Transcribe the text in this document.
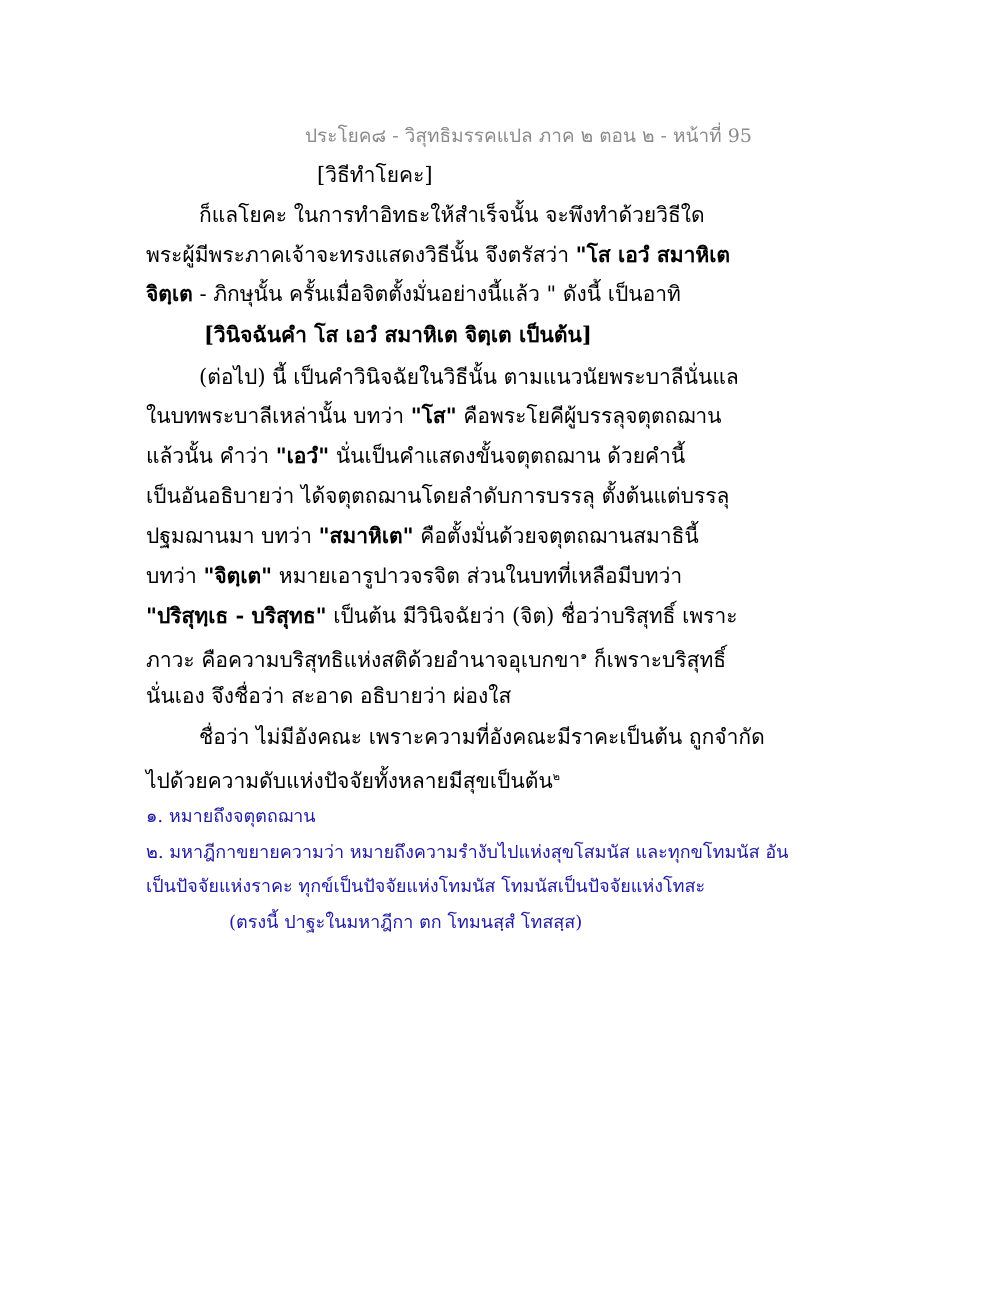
ประโยค๘ - วิสุทธิมรรคแปล ภาค ๒ ตอน ๒ - หน้าที่ 95
[วิธีทำโยคะ]
ก็แลโยคะ ในการทำอิทธะให้สำเร็จนั้น จะพึงทำด้วยวิธีใด
พระผู้มีพระภาคเจ้าจะทรงแสดงวิธีนั้น จึงตรัสว่า "โส เอวํ สมาหิเต
จิตฺเต - ภิกษุนั้น ครั้นเมื่อจิตตั้งมั่นอย่างนี้แล้ว " ดังนี้ เป็นอาทิ
[วินิจฉันคำ โส เอวํ สมาหิเต จิตฺเต เป็นต้น]
(ต่อไป) นี้ เป็นคำวินิจฉัยในวิธีนั้น ตามแนวนัยพระบาลีนั่นแล
ในบทพระบาลีเหล่านั้น บทว่า "โส" คือพระโยคีผู้บรรลุจตุตถฌาน
แล้วนั้น คำว่า "เอวํ" นั่นเป็นคำแสดงขั้นจตุตถฌาน ด้วยคำนี้
เป็นอันอธิบายว่า ได้จตุตถฌานโดยลำดับการบรรลุ ตั้งต้นแต่บรรลุ
ปฐมฌานมา บทว่า "สมาหิเต" คือตั้งมั่นด้วยจตุตถฌานสมาธินี้
บทว่า "จิตฺเต" หมายเอารูปาวจรจิต ส่วนในบทที่เหลือมีบทว่า
"ปริสุทฺเธ - บริสุทธ" เป็นต้น มีวินิจฉัยว่า (จิต) ชื่อว่าบริสุทธิ์ เพราะ
ภาวะ คือความบริสุทธิแห่งสติด้วยอำนาจอุเบกขา$^๑$ ก็เพราะบริสุทธิ์
นั่นเอง จึงชื่อว่า สะอาด อธิบายว่า ผ่องใส
ชื่อว่า ไม่มีอังคณะ เพราะความที่อังคณะมีราคะเป็นต้น ถูกจำกัด
ไปด้วยความดับแห่งปัจจัยทั้งหลายมีสุขเป็นต้น$^๒$
๑. หมายถึงจตุตถฌาน
๒. มหาฎีกาขยายความว่า หมายถึงความรำงับไปแห่งสุขโสมนัส และทุกขโทมนัส อัน
เป็นปัจจัยแห่งราคะ ทุกข์เป็นปัจจัยแห่งโทมนัส โทมนัสเป็นปัจจัยแห่งโทสะ
(ตรงนี้ ปาฐะในมหาฎีกา ตก โทมนสฺสํ โทสสฺส)
